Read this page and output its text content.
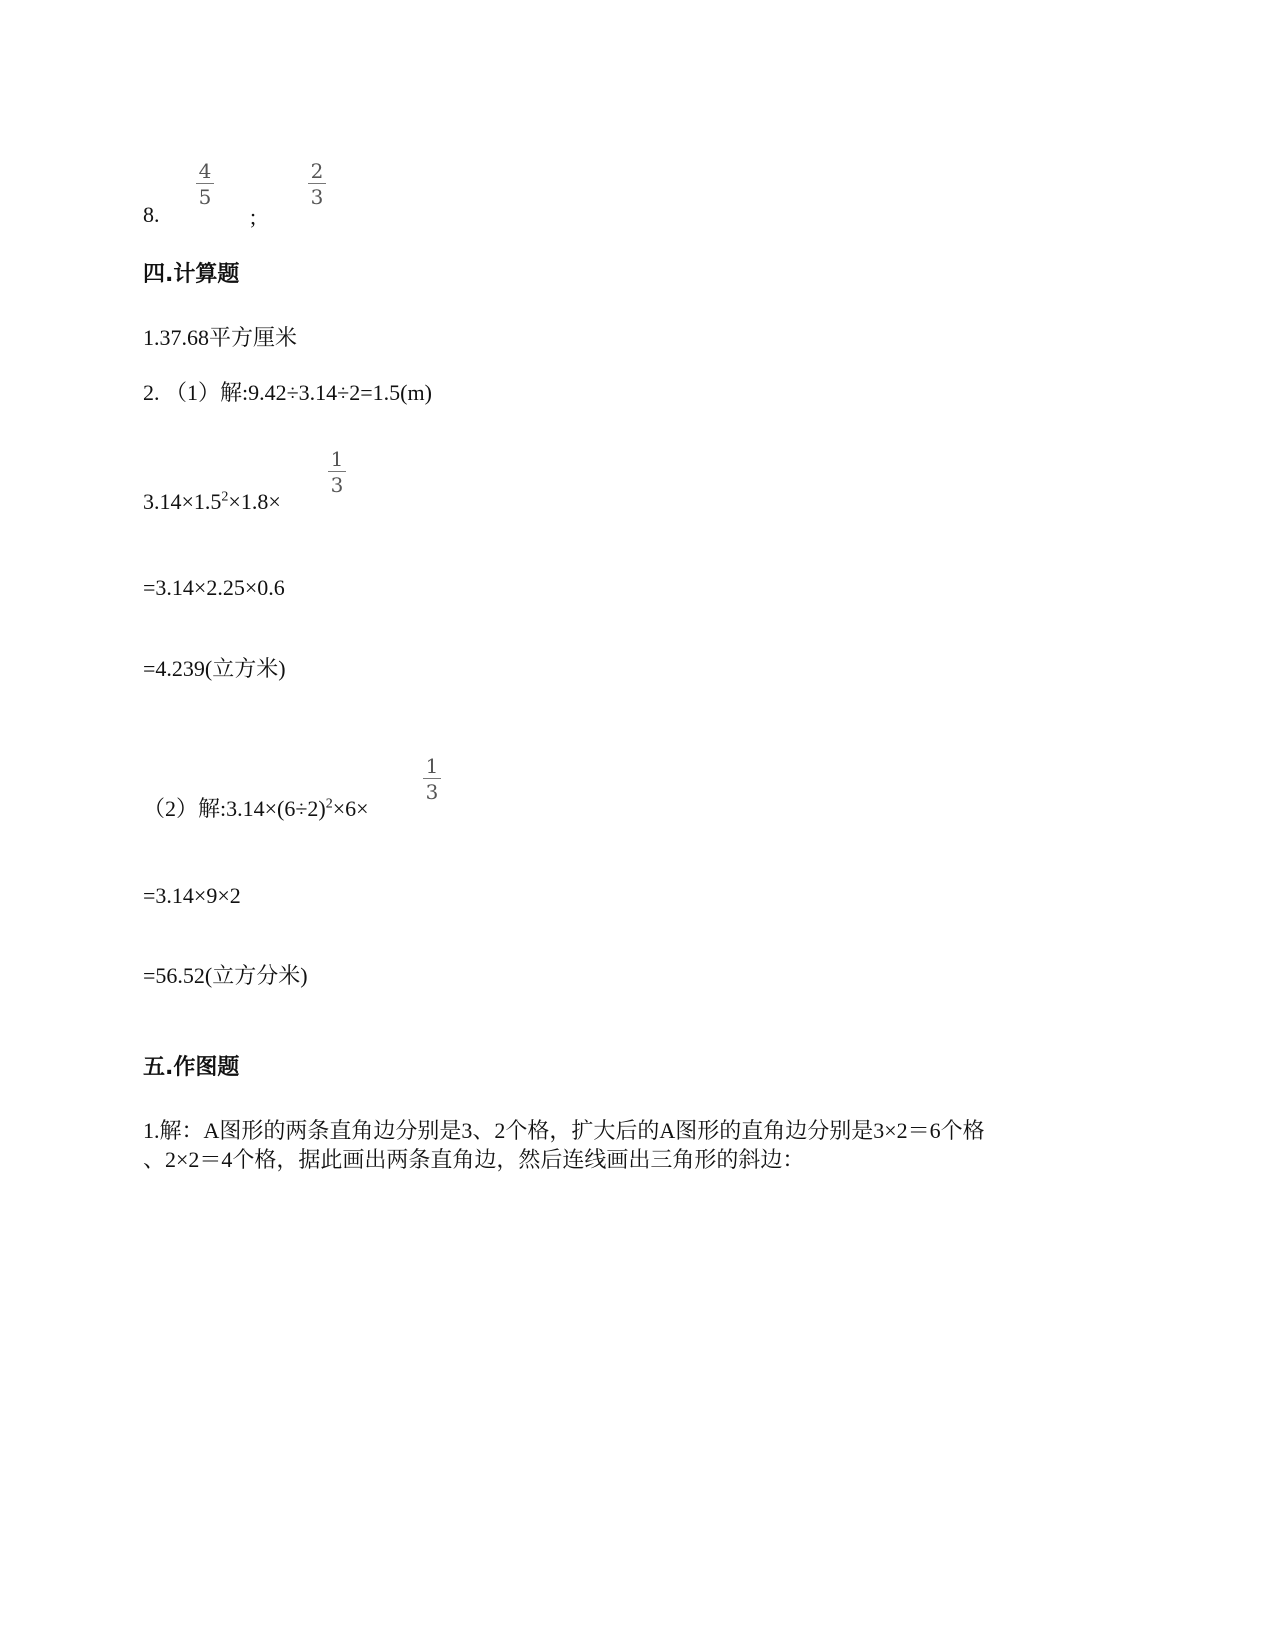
4
5
2
3
8.	;
四.计算题
1.37.68平方厘米
2. （1）解:9.42÷3.14÷2=1.5(m)
1
3
$3.14\times 1.5^2\times 1.8\times$
=3.14×2.25×0.6
=4.239(立方米)
1
3
（2）解$:3.14\times(6\div 2)^2\times 6\times$
=3.14×9×2
=56.52(立方分米)
五.作图题
1.解：A图形的两条直角边分别是3、2个格，扩大后的A图形的直角边分别是3×2＝6个格
、2×2＝4个格，据此画出两条直角边，然后连线画出三角形的斜边：
